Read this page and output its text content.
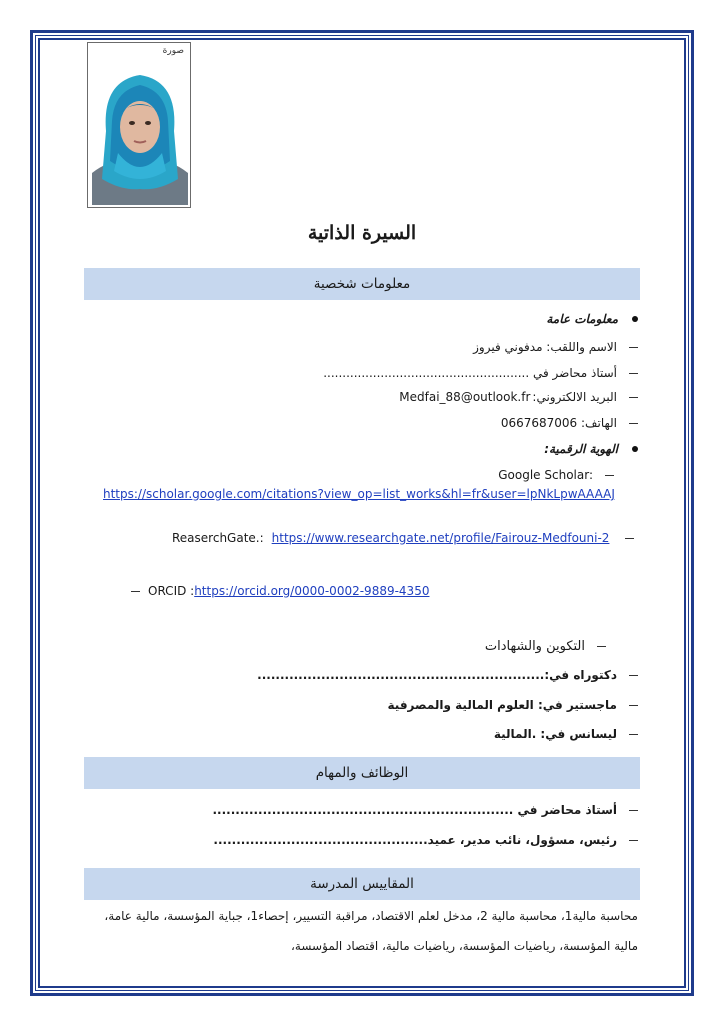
صورة
السيرة الذاتية
معلومات شخصية
معلومات عامة
الاسم واللقب: مدفوني فيروز
أستاذ محاضر في ......................................................
البريد الالكتروني:
Medfai_88@outlook.fr
الهاتف: 0667687006
الهوية الرقمية:
Google Scholar:
https://scholar.google.com/citations?view_op=list_works&hl=fr&user=lpNkLpwAAAAJ
ReaserchGate.: https://www.researchgate.net/profile/Fairouz-Medfouni-2
ORCID : https://orcid.org/0000-0002-9889-4350
التكوين والشهادات
دكتوراه في:...............................................................
ماجستير في: العلوم المالية والمصرفية
ليسانس في: .المالية
الوظائف والمهام
أستاذ محاضر في ..................................................................
رئيس، مسؤول، نائب مدير، عميد...............................................
المقاييس المدرسة
محاسبة مالية1، محاسبة مالية 2، مدخل لعلم الاقتصاد، مراقبة التسيير، إحصاء1، جباية المؤسسة، مالية عامة،
مالية المؤسسة، رياضيات المؤسسة، رياضيات مالية، اقتصاد المؤسسة،
